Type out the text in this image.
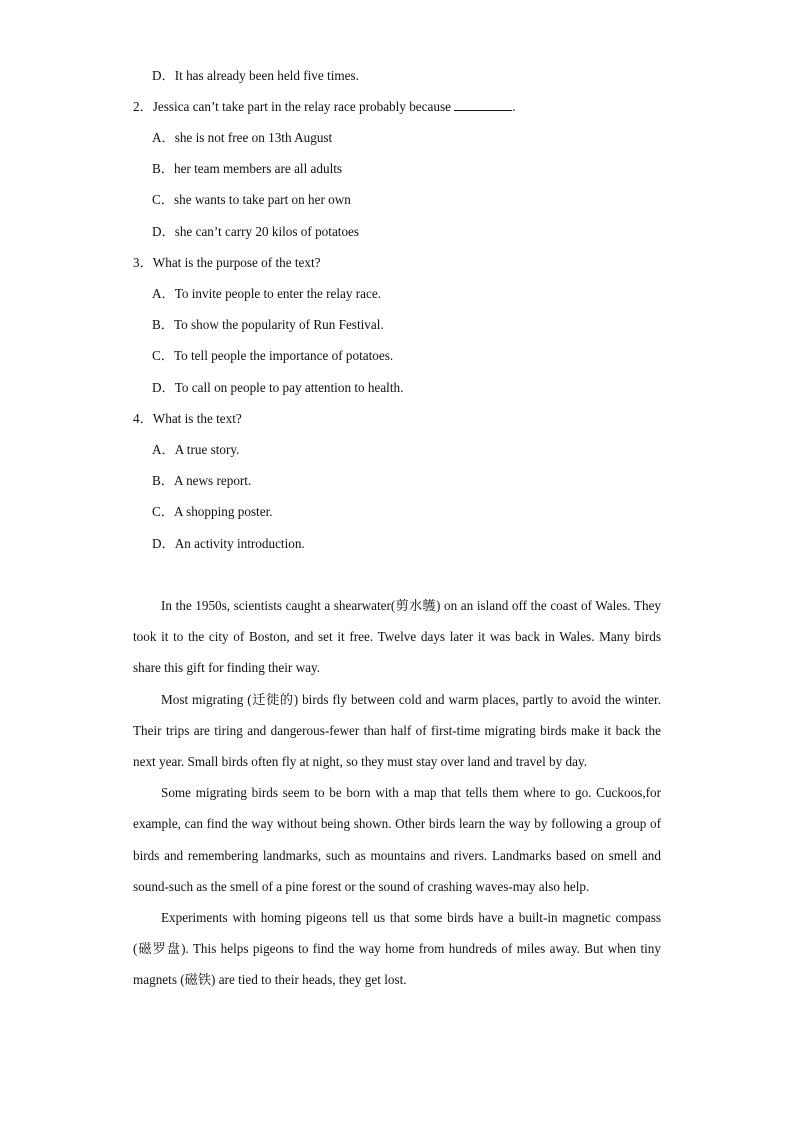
D．It has already been held five times.
2．Jessica can’t take part in the relay race probably because	.
A．she is not free on 13th August
B．her team members are all adults
C．she wants to take part on her own
D．she can’t carry 20 kilos of potatoes
3．What is the purpose of the text?
A．To invite people to enter the relay race.
B．To show the popularity of Run Festival.
C．To tell people the importance of potatoes.
D．To call on people to pay attention to health.
4．What is the text?
A．A true story.
B．A news report.
C．A shopping poster.
D．An activity introduction.

In the 1950s, scientists caught a shearwater(剪水鹱) on an island off the coast of Wales. They took it to the city of Boston, and set it free. Twelve days later it was back in Wales. Many birds share this gift for finding their way.

Most migrating (迁徙的) birds fly between cold and warm places, partly to avoid the winter. Their trips are tiring and dangerous-fewer than half of first-time migrating birds make it back the next year. Small birds often fly at night, so they must stay over land and travel by day.

Some migrating birds seem to be born with a map that tells them where to go. Cuckoos,for example, can find the way without being shown. Other birds learn the way by following a group of birds and remembering landmarks, such as mountains and rivers. Landmarks based on smell and sound-such as the smell of a pine forest or the sound of crashing waves-may also help.

Experiments with homing pigeons tell us that some birds have a built-in magnetic compass (磁罗盘). This helps pigeons to find the way home from hundreds of miles away. But when tiny magnets (磁铁) are tied to their heads, they get lost.
